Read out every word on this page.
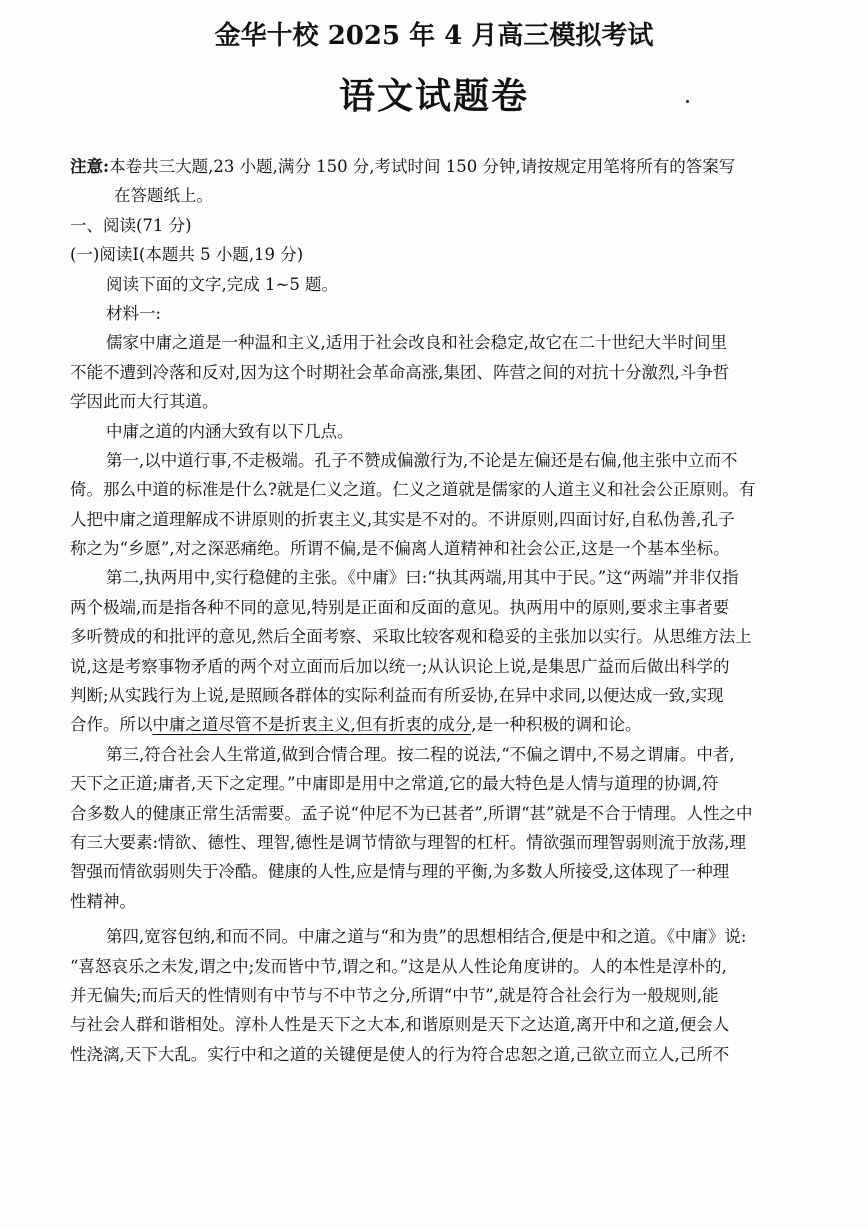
金华十校 2025 年 4 月高三模拟考试
语文试题卷
注意:本卷共三大题,23 小题,满分 150 分,考试时间 150 分钟,请按规定用笔将所有的答案写
在答题纸上。
一、阅读(71 分)
(一)阅读Ⅰ(本题共 5 小题,19 分)
阅读下面的文字,完成 1~5 题。
材料一:
儒家中庸之道是一种温和主义,适用于社会改良和社会稳定,故它在二十世纪大半时间里
不能不遭到冷落和反对,因为这个时期社会革命高涨,集团、阵营之间的对抗十分激烈,斗争哲
学因此而大行其道。
中庸之道的内涵大致有以下几点。
第一,以中道行事,不走极端。孔子不赞成偏激行为,不论是左偏还是右偏,他主张中立而不
倚。那么中道的标准是什么?就是仁义之道。仁义之道就是儒家的人道主义和社会公正原则。有
人把中庸之道理解成不讲原则的折衷主义,其实是不对的。不讲原则,四面讨好,自私伪善,孔子
称之为“乡愿”,对之深恶痛绝。所谓不偏,是不偏离人道精神和社会公正,这是一个基本坐标。
第二,执两用中,实行稳健的主张。《中庸》曰:“执其两端,用其中于民。”这“两端”并非仅指
两个极端,而是指各种不同的意见,特别是正面和反面的意见。执两用中的原则,要求主事者要
多听赞成的和批评的意见,然后全面考察、采取比较客观和稳妥的主张加以实行。从思维方法上
说,这是考察事物矛盾的两个对立面而后加以统一;从认识论上说,是集思广益而后做出科学的
判断;从实践行为上说,是照顾各群体的实际利益而有所妥协,在异中求同,以便达成一致,实现
合作。所以中庸之道尽管不是折衷主义,但有折衷的成分,是一种积极的调和论。
第三,符合社会人生常道,做到合情合理。按二程的说法,“不偏之谓中,不易之谓庸。中者,
天下之正道;庸者,天下之定理。”中庸即是用中之常道,它的最大特色是人情与道理的协调,符
合多数人的健康正常生活需要。孟子说“仲尼不为已甚者”,所谓“甚”就是不合于情理。人性之中
有三大要素:情欲、德性、理智,德性是调节情欲与理智的杠杆。情欲强而理智弱则流于放荡,理
智强而情欲弱则失于冷酷。健康的人性,应是情与理的平衡,为多数人所接受,这体现了一种理
性精神。
第四,宽容包纳,和而不同。中庸之道与“和为贵”的思想相结合,便是中和之道。《中庸》说:
“喜怒哀乐之未发,谓之中;发而皆中节,谓之和。”这是从人性论角度讲的。人的本性是淳朴的,
并无偏失;而后天的性情则有中节与不中节之分,所谓“中节”,就是符合社会行为一般规则,能
与社会人群和谐相处。淳朴人性是天下之大本,和谐原则是天下之达道,离开中和之道,便会人
性浇漓,天下大乱。实行中和之道的关键便是使人的行为符合忠恕之道,己欲立而立人,己所不
